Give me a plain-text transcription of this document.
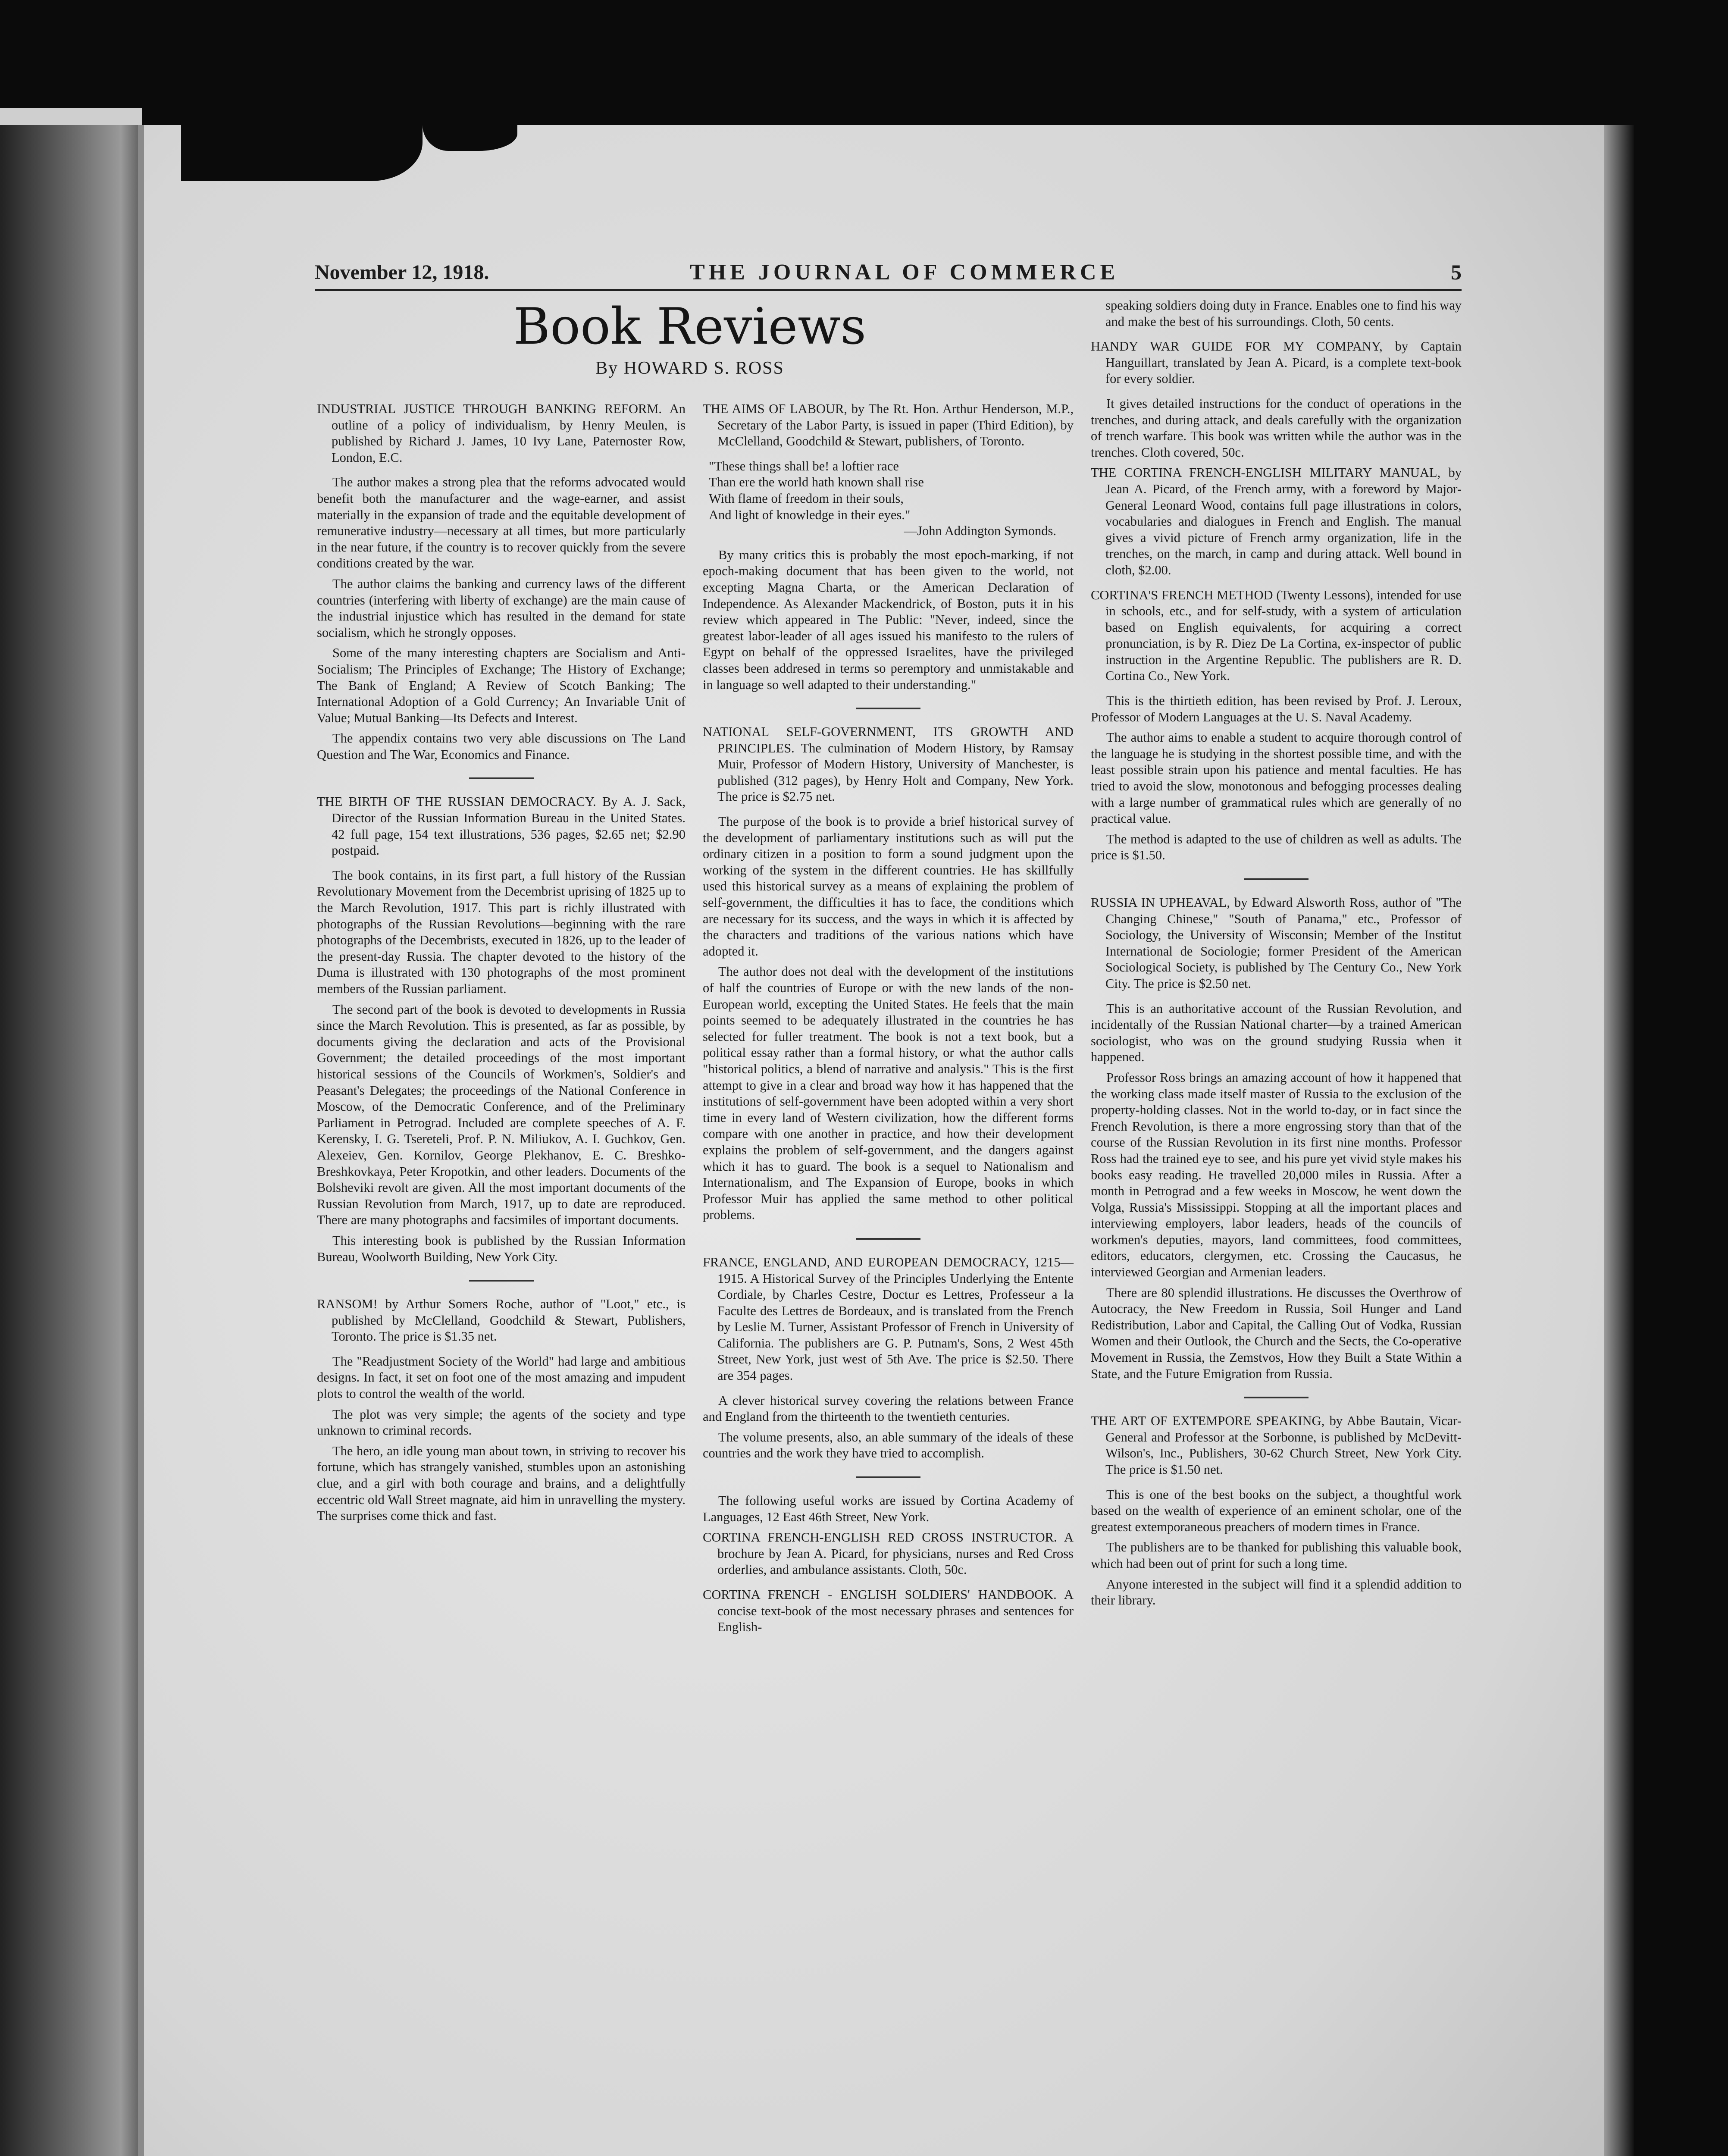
November 12, 1918.	THE JOURNAL OF COMMERCE	5
Book Reviews
By HOWARD S. ROSS

INDUSTRIAL JUSTICE THROUGH BANKING REFORM. An outline of a policy of individualism, by Henry Meulen, is published by Richard J. James, 10 Ivy Lane, Paternoster Row, London, E.C.

The author makes a strong plea that the reforms advocated would benefit both the manufacturer and the wage-earner, and assist materially in the expansion of trade and the equitable development of remunerative industry—necessary at all times, but more particularly in the near future, if the country is to recover quickly from the severe conditions created by the war.

The author claims the banking and currency laws of the different countries (interfering with liberty of exchange) are the main cause of the industrial injustice which has resulted in the demand for state socialism, which he strongly opposes.

Some of the many interesting chapters are Socialism and Anti-Socialism; The Principles of Exchange; The History of Exchange; The Bank of England; A Review of Scotch Banking; The International Adoption of a Gold Currency; An Invariable Unit of Value; Mutual Banking—Its Defects and Interest.

The appendix contains two very able discussions on The Land Question and The War, Economics and Finance.

THE BIRTH OF THE RUSSIAN DEMOCRACY. By A. J. Sack, Director of the Russian Information Bureau in the United States. 42 full page, 154 text illustrations, 536 pages, $2.65 net; $2.90 postpaid.

The book contains, in its first part, a full history of the Russian Revolutionary Movement from the Decembrist uprising of 1825 up to the March Revolution, 1917. This part is richly illustrated with photographs of the Russian Revolutions—beginning with the rare photographs of the Decembrists, executed in 1826, up to the leader of the present-day Russia. The chapter devoted to the history of the Duma is illustrated with 130 photographs of the most prominent members of the Russian parliament.

The second part of the book is devoted to developments in Russia since the March Revolution. This is presented, as far as possible, by documents giving the declaration and acts of the Provisional Government; the detailed proceedings of the most important historical sessions of the Councils of Workmen's, Soldier's and Peasant's Delegates; the proceedings of the National Conference in Moscow, of the Democratic Conference, and of the Preliminary Parliament in Petrograd. Included are complete speeches of A. F. Kerensky, I. G. Tsereteli, Prof. P. N. Miliukov, A. I. Guchkov, Gen. Alexeiev, Gen. Kornilov, George Plekhanov, E. C. Breshko-Breshkovkaya, Peter Kropotkin, and other leaders. Documents of the Bolsheviki revolt are given. All the most important documents of the Russian Revolution from March, 1917, up to date are reproduced. There are many photographs and facsimiles of important documents.

This interesting book is published by the Russian Information Bureau, Woolworth Building, New York City.

RANSOM! by Arthur Somers Roche, author of "Loot," etc., is published by McClelland, Goodchild & Stewart, Publishers, Toronto. The price is $1.35 net.

The "Readjustment Society of the World" had large and ambitious designs. In fact, it set on foot one of the most amazing and impudent plots to control the wealth of the world.

The plot was very simple; the agents of the society and type unknown to criminal records.

The hero, an idle young man about town, in striving to recover his fortune, which has strangely vanished, stumbles upon an astonishing clue, and a girl with both courage and brains, and a delightfully eccentric old Wall Street magnate, aid him in unravelling the mystery. The surprises come thick and fast.

THE AIMS OF LABOUR, by The Rt. Hon. Arthur Henderson, M.P., Secretary of the Labor Party, is issued in paper (Third Edition), by McClelland, Goodchild & Stewart, publishers, of Toronto.

"These things shall be! a loftier race
Than ere the world hath known shall rise
With flame of freedom in their souls,
And light of knowledge in their eyes."

—John Addington Symonds.

By many critics this is probably the most epoch-marking, if not epoch-making document that has been given to the world, not excepting Magna Charta, or the American Declaration of Independence. As Alexander Mackendrick, of Boston, puts it in his review which appeared in The Public: "Never, indeed, since the greatest labor-leader of all ages issued his manifesto to the rulers of Egypt on behalf of the oppressed Israelites, have the privileged classes been addresed in terms so peremptory and unmistakable and in language so well adapted to their understanding."

NATIONAL SELF-GOVERNMENT, ITS GROWTH AND PRINCIPLES. The culmination of Modern History, by Ramsay Muir, Professor of Modern History, University of Manchester, is published (312 pages), by Henry Holt and Company, New York. The price is $2.75 net.

The purpose of the book is to provide a brief historical survey of the development of parliamentary institutions such as will put the ordinary citizen in a position to form a sound judgment upon the working of the system in the different countries. He has skillfully used this historical survey as a means of explaining the problem of self-government, the difficulties it has to face, the conditions which are necessary for its success, and the ways in which it is affected by the characters and traditions of the various nations which have adopted it.

The author does not deal with the development of the institutions of half the countries of Europe or with the new lands of the non-European world, excepting the United States. He feels that the main points seemed to be adequately illustrated in the countries he has selected for fuller treatment. The book is not a text book, but a political essay rather than a formal history, or what the author calls "historical politics, a blend of narrative and analysis." This is the first attempt to give in a clear and broad way how it has happened that the institutions of self-government have been adopted within a very short time in every land of Western civilization, how the different forms compare with one another in practice, and how their development explains the problem of self-government, and the dangers against which it has to guard. The book is a sequel to Nationalism and Internationalism, and The Expansion of Europe, books in which Professor Muir has applied the same method to other political problems.

FRANCE, ENGLAND, AND EUROPEAN DEMOCRACY, 1215—1915. A Historical Survey of the Principles Underlying the Entente Cordiale, by Charles Cestre, Doctur es Lettres, Professeur a la Faculte des Lettres de Bordeaux, and is translated from the French by Leslie M. Turner, Assistant Professor of French in University of California. The publishers are G. P. Putnam's, Sons, 2 West 45th Street, New York, just west of 5th Ave. The price is $2.50. There are 354 pages.

A clever historical survey covering the relations between France and England from the thirteenth to the twentieth centuries.

The volume presents, also, an able summary of the ideals of these countries and the work they have tried to accomplish.

The following useful works are issued by Cortina Academy of Languages, 12 East 46th Street, New York.

CORTINA FRENCH-ENGLISH RED CROSS INSTRUCTOR. A brochure by Jean A. Picard, for physicians, nurses and Red Cross orderlies, and ambulance assistants. Cloth, 50c.

CORTINA FRENCH - ENGLISH SOLDIERS' HANDBOOK. A concise text-book of the most necessary phrases and sentences for English-

speaking soldiers doing duty in France. Enables one to find his way and make the best of his surroundings. Cloth, 50 cents.

HANDY WAR GUIDE FOR MY COMPANY, by Captain Hanguillart, translated by Jean A. Picard, is a complete text-book for every soldier.

It gives detailed instructions for the conduct of operations in the trenches, and during attack, and deals carefully with the organization of trench warfare. This book was written while the author was in the trenches. Cloth covered, 50c.

THE CORTINA FRENCH-ENGLISH MILITARY MANUAL, by Jean A. Picard, of the French army, with a foreword by Major-General Leonard Wood, contains full page illustrations in colors, vocabularies and dialogues in French and English. The manual gives a vivid picture of French army organization, life in the trenches, on the march, in camp and during attack. Well bound in cloth, $2.00.

CORTINA'S FRENCH METHOD (Twenty Lessons), intended for use in schools, etc., and for self-study, with a system of articulation based on English equivalents, for acquiring a correct pronunciation, is by R. Diez De La Cortina, ex-inspector of public instruction in the Argentine Republic. The publishers are R. D. Cortina Co., New York.

This is the thirtieth edition, has been revised by Prof. J. Leroux, Professor of Modern Languages at the U. S. Naval Academy.

The author aims to enable a student to acquire thorough control of the language he is studying in the shortest possible time, and with the least possible strain upon his patience and mental faculties. He has tried to avoid the slow, monotonous and befogging processes dealing with a large number of grammatical rules which are generally of no practical value.

The method is adapted to the use of children as well as adults. The price is $1.50.

RUSSIA IN UPHEAVAL, by Edward Alsworth Ross, author of "The Changing Chinese," "South of Panama," etc., Professor of Sociology, the University of Wisconsin; Member of the Institut International de Sociologie; former President of the American Sociological Society, is published by The Century Co., New York City. The price is $2.50 net.

This is an authoritative account of the Russian Revolution, and incidentally of the Russian National charter—by a trained American sociologist, who was on the ground studying Russia when it happened.

Professor Ross brings an amazing account of how it happened that the working class made itself master of Russia to the exclusion of the property-holding classes. Not in the world to-day, or in fact since the French Revolution, is there a more engrossing story than that of the course of the Russian Revolution in its first nine months. Professor Ross had the trained eye to see, and his pure yet vivid style makes his books easy reading. He travelled 20,000 miles in Russia. After a month in Petrograd and a few weeks in Moscow, he went down the Volga, Russia's Mississippi. Stopping at all the important places and interviewing employers, labor leaders, heads of the councils of workmen's deputies, mayors, land committees, food committees, editors, educators, clergymen, etc. Crossing the Caucasus, he interviewed Georgian and Armenian leaders.

There are 80 splendid illustrations. He discusses the Overthrow of Autocracy, the New Freedom in Russia, Soil Hunger and Land Redistribution, Labor and Capital, the Calling Out of Vodka, Russian Women and their Outlook, the Church and the Sects, the Co-operative Movement in Russia, the Zemstvos, How they Built a State Within a State, and the Future Emigration from Russia.

THE ART OF EXTEMPORE SPEAKING, by Abbe Bautain, Vicar-General and Professor at the Sorbonne, is published by McDevitt-Wilson's, Inc., Publishers, 30-62 Church Street, New York City. The price is $1.50 net.

This is one of the best books on the subject, a thoughtful work based on the wealth of experience of an eminent scholar, one of the greatest extemporaneous preachers of modern times in France.

The publishers are to be thanked for publishing this valuable book, which had been out of print for such a long time.

Anyone interested in the subject will find it a splendid addition to their library.
